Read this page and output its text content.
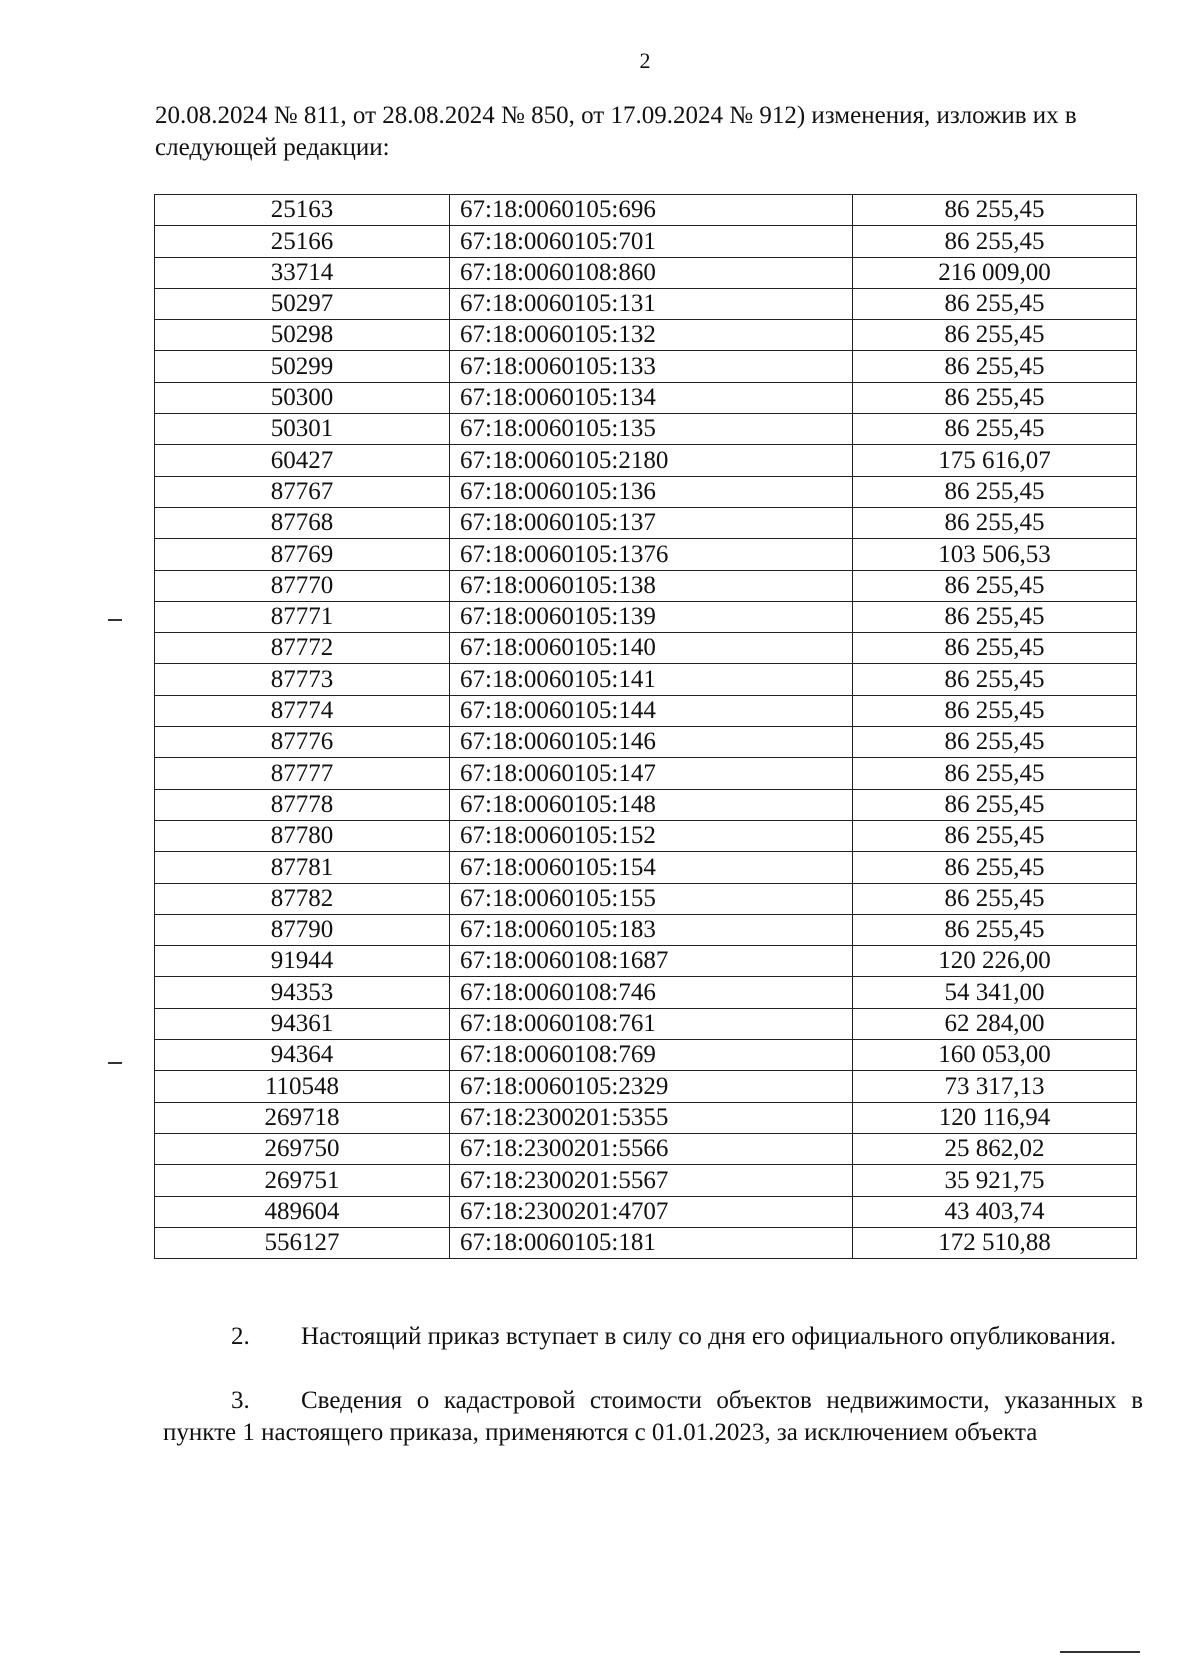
2
20.08.2024 № 811, от 28.08.2024 № 850, от 17.09.2024 № 912) изменения, изложив их в следующей редакции:
25163	67:18:0060105:696	86 255,45
25166	67:18:0060105:701	86 255,45
33714	67:18:0060108:860	216 009,00
50297	67:18:0060105:131	86 255,45
50298	67:18:0060105:132	86 255,45
50299	67:18:0060105:133	86 255,45
50300	67:18:0060105:134	86 255,45
50301	67:18:0060105:135	86 255,45
60427	67:18:0060105:2180	175 616,07
87767	67:18:0060105:136	86 255,45
87768	67:18:0060105:137	86 255,45
87769	67:18:0060105:1376	103 506,53
87770	67:18:0060105:138	86 255,45
87771	67:18:0060105:139	86 255,45
87772	67:18:0060105:140	86 255,45
87773	67:18:0060105:141	86 255,45
87774	67:18:0060105:144	86 255,45
87776	67:18:0060105:146	86 255,45
87777	67:18:0060105:147	86 255,45
87778	67:18:0060105:148	86 255,45
87780	67:18:0060105:152	86 255,45
87781	67:18:0060105:154	86 255,45
87782	67:18:0060105:155	86 255,45
87790	67:18:0060105:183	86 255,45
91944	67:18:0060108:1687	120 226,00
94353	67:18:0060108:746	54 341,00
94361	67:18:0060108:761	62 284,00
94364	67:18:0060108:769	160 053,00
110548	67:18:0060105:2329	73 317,13
269718	67:18:2300201:5355	120 116,94
269750	67:18:2300201:5566	25 862,02
269751	67:18:2300201:5567	35 921,75
489604	67:18:2300201:4707	43 403,74
556127	67:18:0060105:181	172 510,88
2. Настоящий приказ вступает в силу со дня его официального опубликования.
3. Сведения о кадастровой стоимости объектов недвижимости, указанных в пункте 1 настоящего приказа, применяются с 01.01.2023, за исключением объекта
